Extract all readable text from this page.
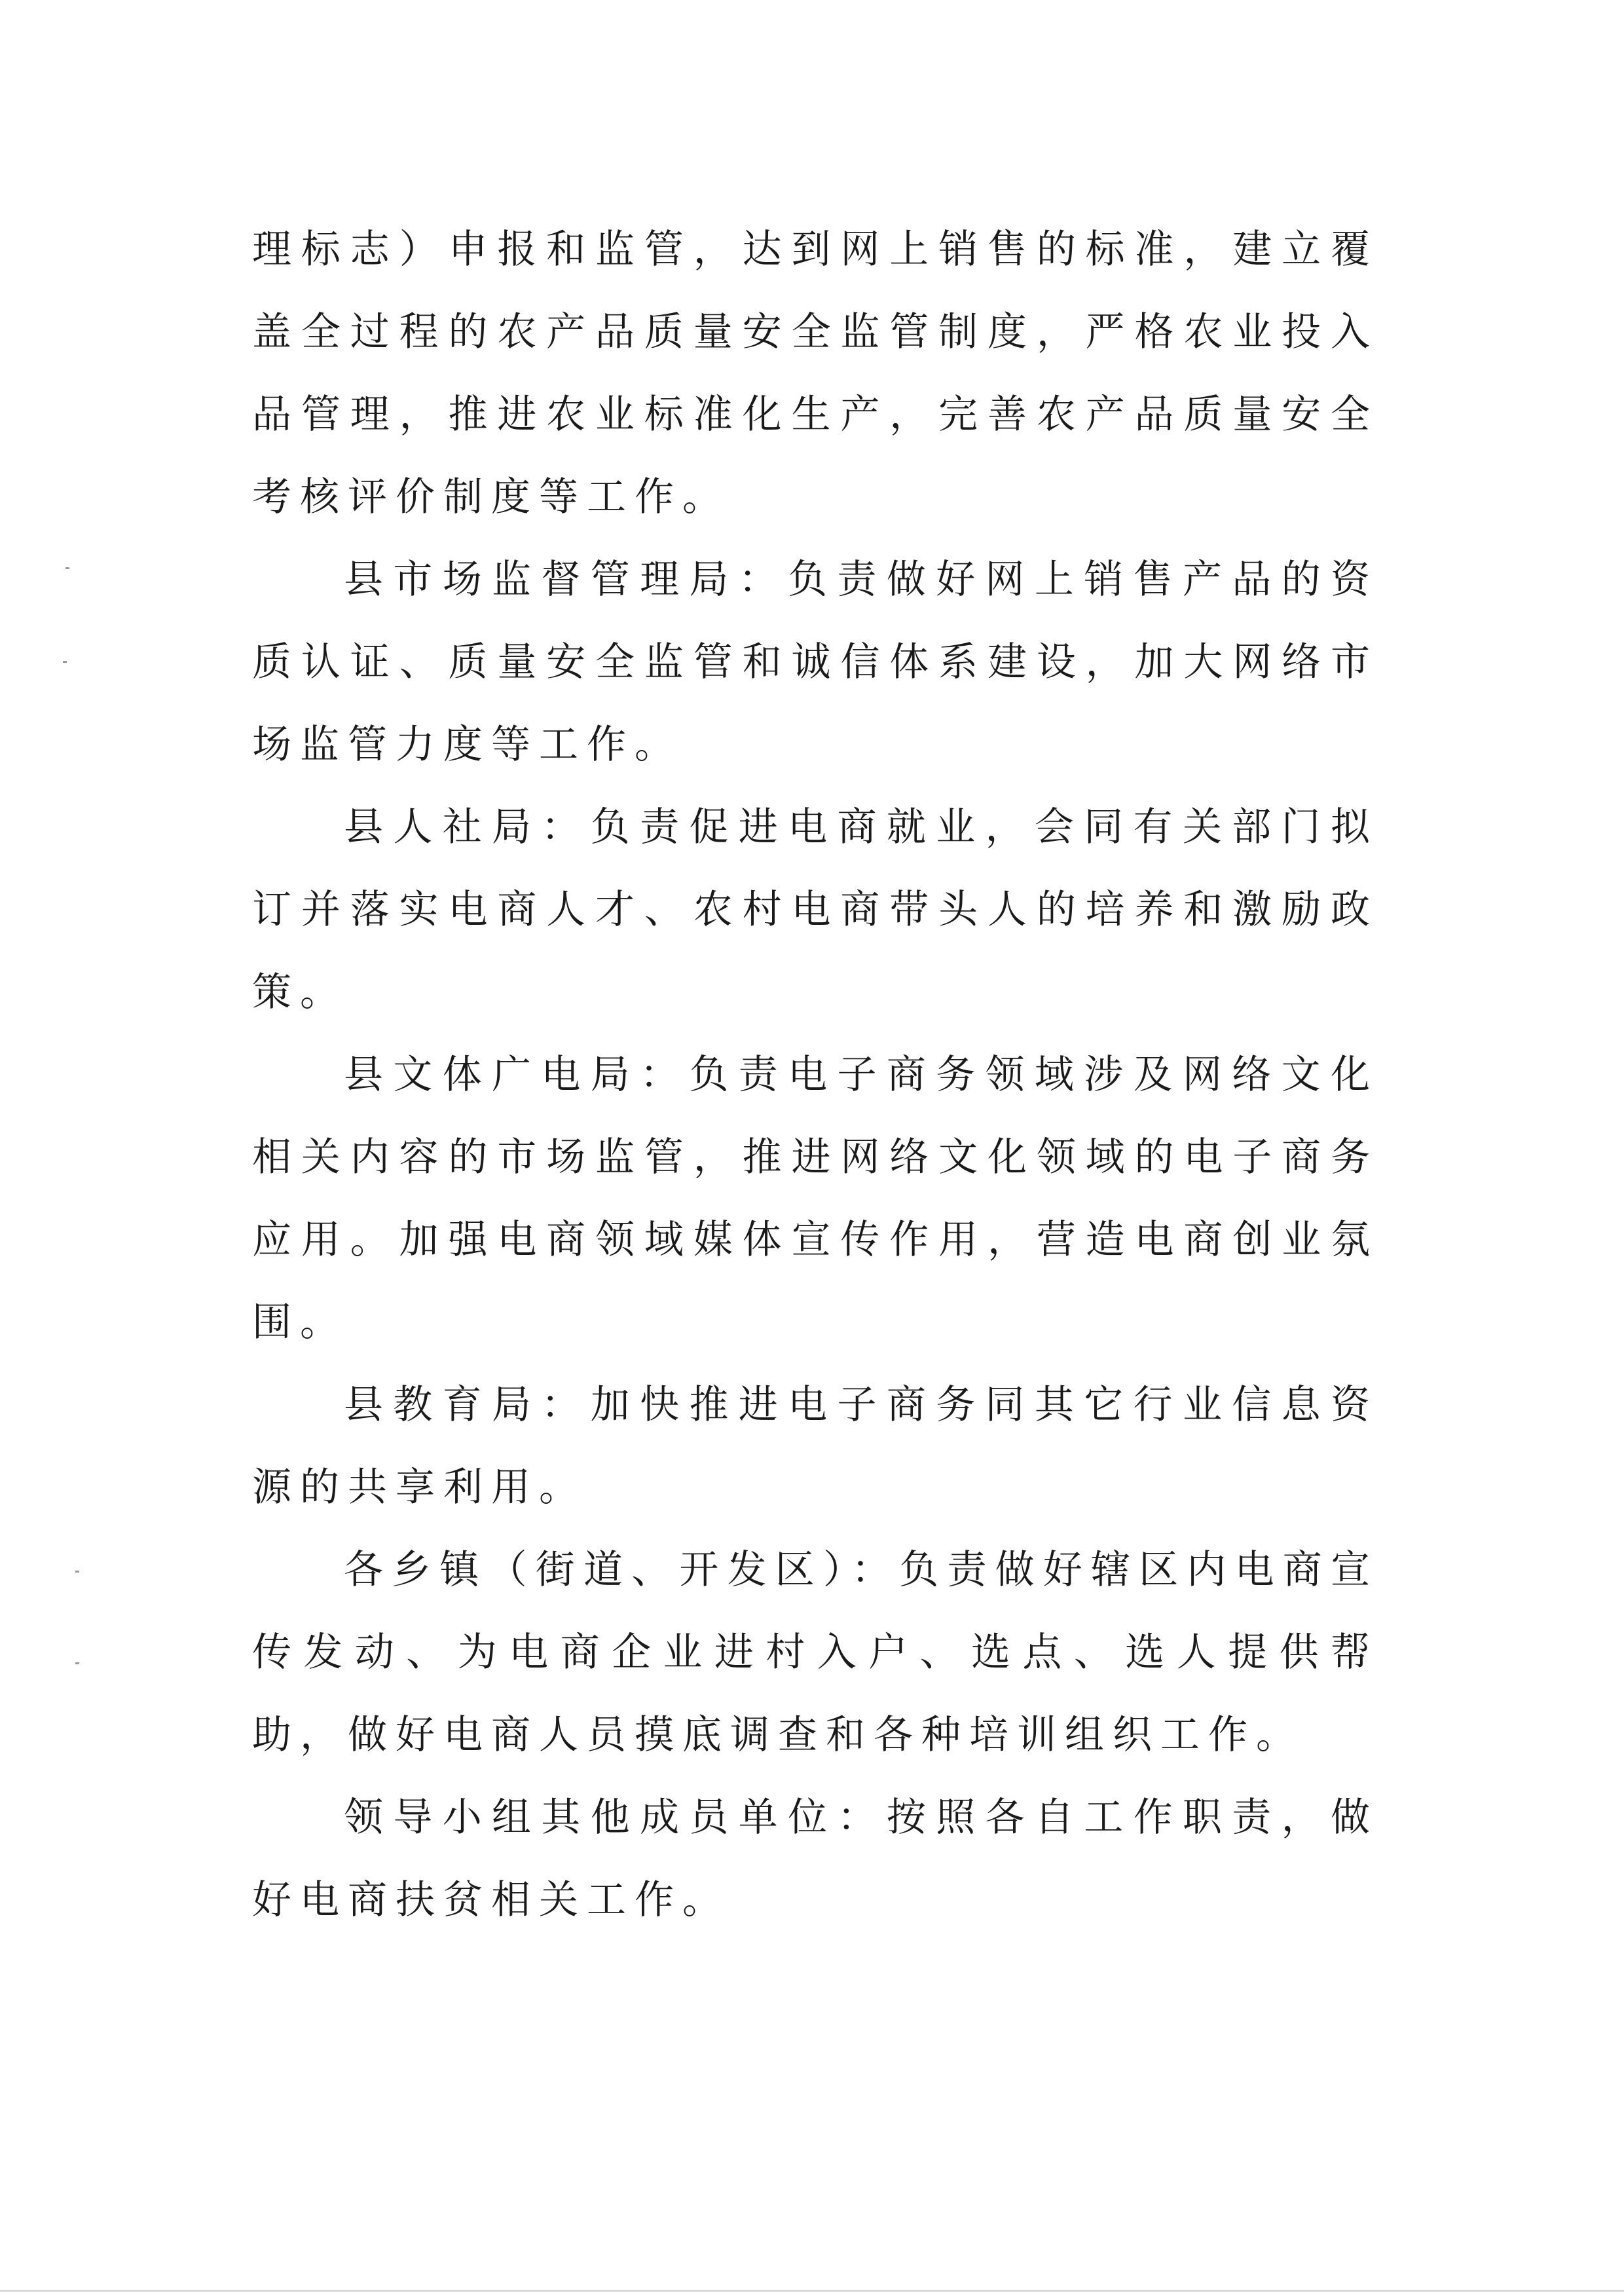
理标志）申报和监管，达到网上销售的标准，建立覆盖全过程的农产品质量安全监管制度，严格农业投入品管理，推进农业标准化生产，完善农产品质量安全考核评价制度等工作。

县市场监督管理局：负责做好网上销售产品的资质认证、质量安全监管和诚信体系建设，加大网络市场监管力度等工作。

县人社局：负责促进电商就业，会同有关部门拟订并落实电商人才、农村电商带头人的培养和激励政策。

县文体广电局：负责电子商务领域涉及网络文化相关内容的市场监管，推进网络文化领域的电子商务应用。加强电商领域媒体宣传作用，营造电商创业氛围。

县教育局：加快推进电子商务同其它行业信息资源的共享利用。

各乡镇（街道、开发区）：负责做好辖区内电商宣传发动、为电商企业进村入户、选点、选人提供帮助，做好电商人员摸底调查和各种培训组织工作。

领导小组其他成员单位：按照各自工作职责，做好电商扶贫相关工作。
